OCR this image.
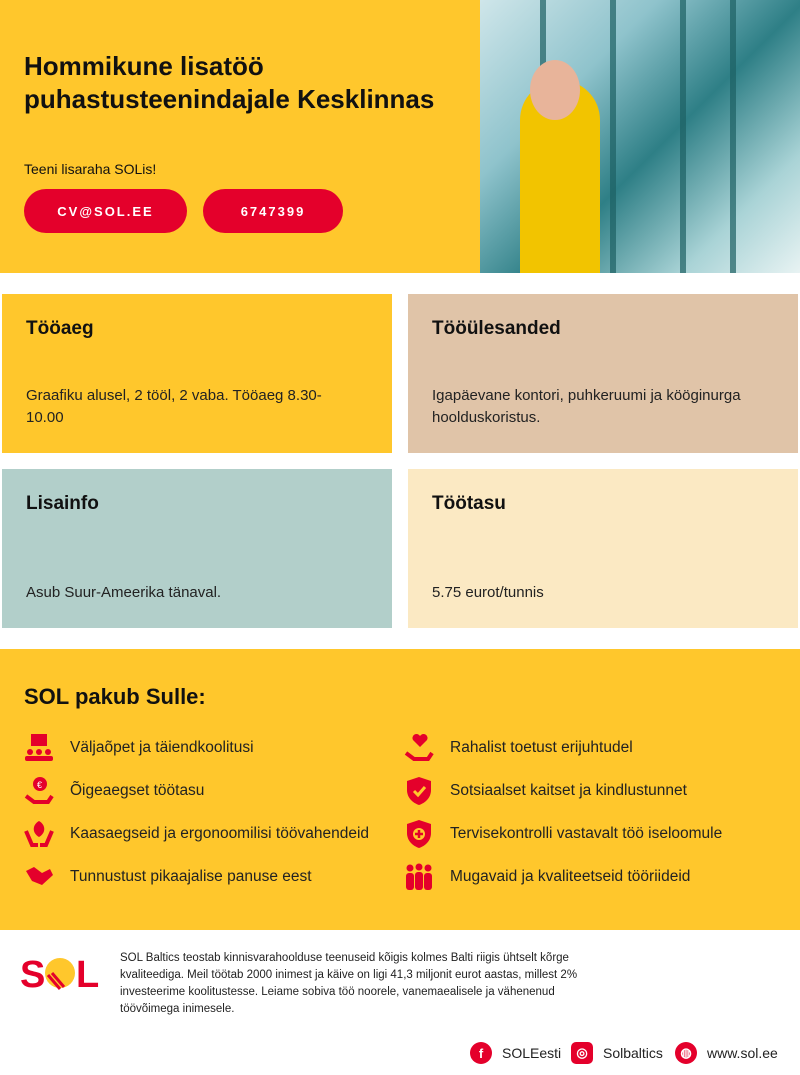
Hommikune lisatöö puhastusteenindajale Kesklinnas
Teeni lisaraha SOLis!
CV@SOL.EE	6747399
Tööaeg

Graafiku alusel, 2 tööl, 2 vaba. Tööaeg 8.30-10.00

Tööülesanded

Igapäevane kontori, puhkeruumi ja kööginurga hoolduskoristus.

Lisainfo

Asub Suur-Ameerika tänaval.

Töötasu

5.75 eurot/tunnis

SOL pakub Sulle:
Väljaõpet ja täiendkoolitusi
€ Õigeaegset töötasu
Kaasaegseid ja ergonoomilisi töövahendeid
Tunnustust pikaajalise panuse eest
Rahalist toetust erijuhtudel
Sotsiaalset kaitset ja kindlustunnet
Tervisekontrolli vastavalt töö iseloomule
Mugavaid ja kvaliteetseid tööriideid
S L SOL Baltics teostab kinnisvarahoolduse teenuseid kõigis kolmes Balti riigis ühtselt kõrge kvaliteediga. Meil töötab 2000 inimest ja käive on ligi 41,3 miljonit eurot aastas, millest 2% investeerime koolitustesse. Leiame sobiva töö noorele, vanemaealisele ja vähenenud töövõimega inimesele.
f	SOLEesti	◎	Solbaltics	◍	www.sol.ee
